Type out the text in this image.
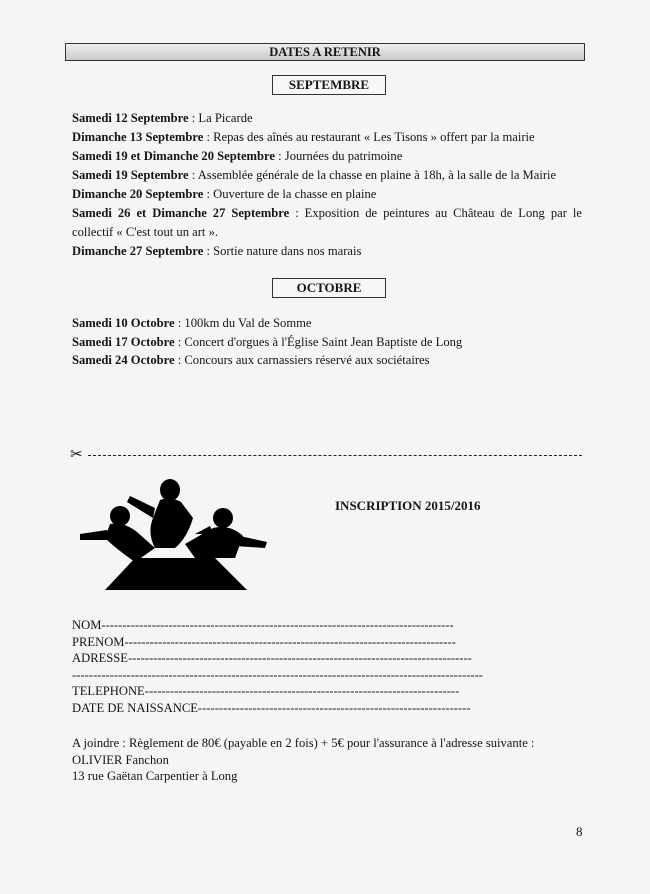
DATES A RETENIR
SEPTEMBRE
Samedi 12 Septembre : La Picarde
Dimanche 13 Septembre : Repas des aînés au restaurant « Les Tisons » offert par la mairie
Samedi 19 et Dimanche 20 Septembre : Journées du patrimoine
Samedi 19 Septembre : Assemblée générale de la chasse en plaine à 18h, à la salle de la Mairie
Dimanche 20 Septembre : Ouverture de la chasse en plaine
Samedi 26 et Dimanche 27 Septembre : Exposition de peintures au Château de Long par le
collectif « C'est tout un art ».
Dimanche 27 Septembre : Sortie nature dans nos marais
OCTOBRE
Samedi 10 Octobre : 100km du Val de Somme
Samedi 17 Octobre : Concert d'orgues à l'Église Saint Jean Baptiste de Long
Samedi 24 Octobre : Concours aux carnassiers réservé aux sociétaires
✂
INSCRIPTION 2015/2016
NOM------------------------------------------------------------------------------------
PRENOM-------------------------------------------------------------------------------
ADRESSE----------------------------------------------------------------------------------
--------------------------------------------------------------------------------------------------
TELEPHONE---------------------------------------------------------------------------
DATE DE NAISSANCE-----------------------------------------------------------------
A joindre : Règlement de 80€ (payable en 2 fois) + 5€ pour l'assurance à l'adresse suivante :
OLIVIER Fanchon
13 rue Gaëtan Carpentier à Long
8
